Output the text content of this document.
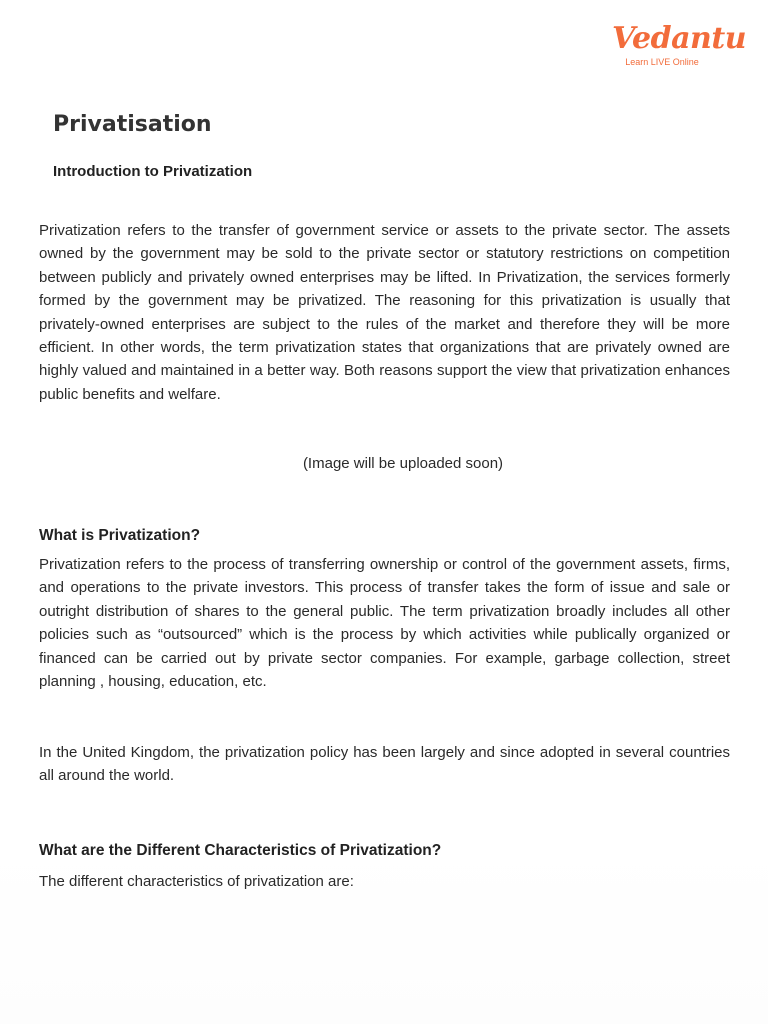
Vedantu
Learn LIVE Online
Privatisation
Introduction to Privatization

Privatization refers to the transfer of government service or assets to the private sector. The assets owned by the government may be sold to the private sector or statutory restrictions on competition between publicly and privately owned enterprises may be lifted. In Privatization, the services formerly formed by the government may be privatized. The reasoning for this privatization is usually that privately-owned enterprises are subject to the rules of the market and therefore they will be more efficient. In other words, the term privatization states that organizations that are privately owned are highly valued and maintained in a better way. Both reasons support the view that privatization enhances public benefits and welfare.

(Image will be uploaded soon)

What is Privatization?

Privatization refers to the process of transferring ownership or control of the government assets, firms, and operations to the private investors. This process of transfer takes the form of issue and sale or outright distribution of shares to the general public. The term privatization broadly includes all other policies such as “outsourced” which is the process by which activities while publically organized or financed can be carried out by private sector companies. For example, garbage collection, street planning , housing, education, etc.

In the United Kingdom, the privatization policy has been largely and since adopted in several countries all around the world.

What are the Different Characteristics of Privatization?

The different characteristics of privatization are:
